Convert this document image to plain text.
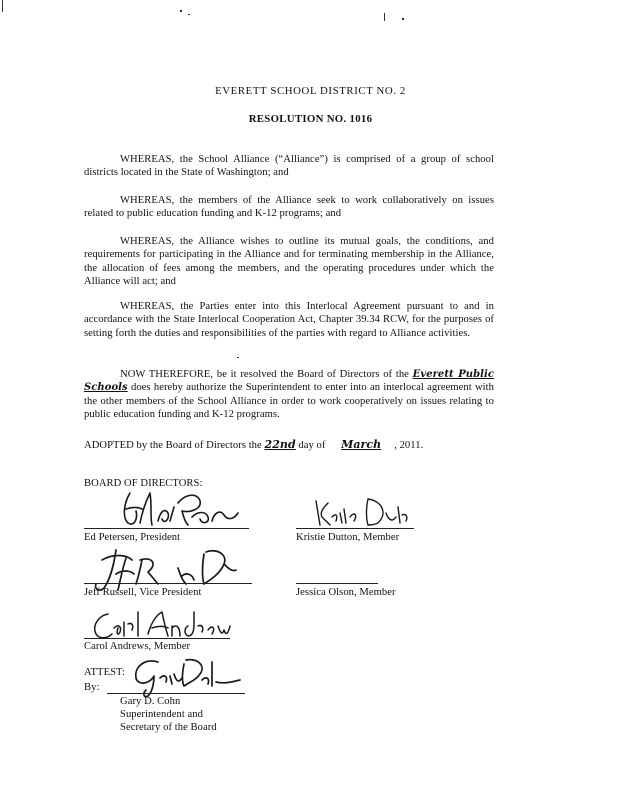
EVERETT SCHOOL DISTRICT NO. 2
RESOLUTION NO. 1016
WHEREAS, the School Alliance (“Alliance”) is comprised of a group of school districts located in the State of Washington; and
WHEREAS, the members of the Alliance seek to work collaboratively on issues related to public education funding and K-12 programs; and
WHEREAS, the Alliance wishes to outline its mutual goals, the conditions, and requirements for participating in the Alliance and for terminating membership in the Alliance, the allocation of fees among the members, and the operating procedures under which the Alliance will act; and
WHEREAS, the Parties enter into this Interlocal Agreement pursuant to and in accordance with the State Interlocal Cooperation Act, Chapter 39.34 RCW, for the purposes of setting forth the duties and responsibilities of the parties with regard to Alliance activities.
NOW THEREFORE, be it resolved the Board of Directors of the Everett Public Schools does hereby authorize the Superintendent to enter into an interlocal agreement with the other members of the School Alliance in order to work cooperatively on issues relating to public education funding and K-12 programs.
ADOPTED by the Board of Directors the 22nd day of March , 2011.
BOARD OF DIRECTORS:
Ed Petersen, President	Kristie Dutton, Member
Jeff Russell, Vice President	Jessica Olson, Member
Carol Andrews, Member
ATTEST:
By:
Gary D. Cohn
Superintendent and
Secretary of the Board
